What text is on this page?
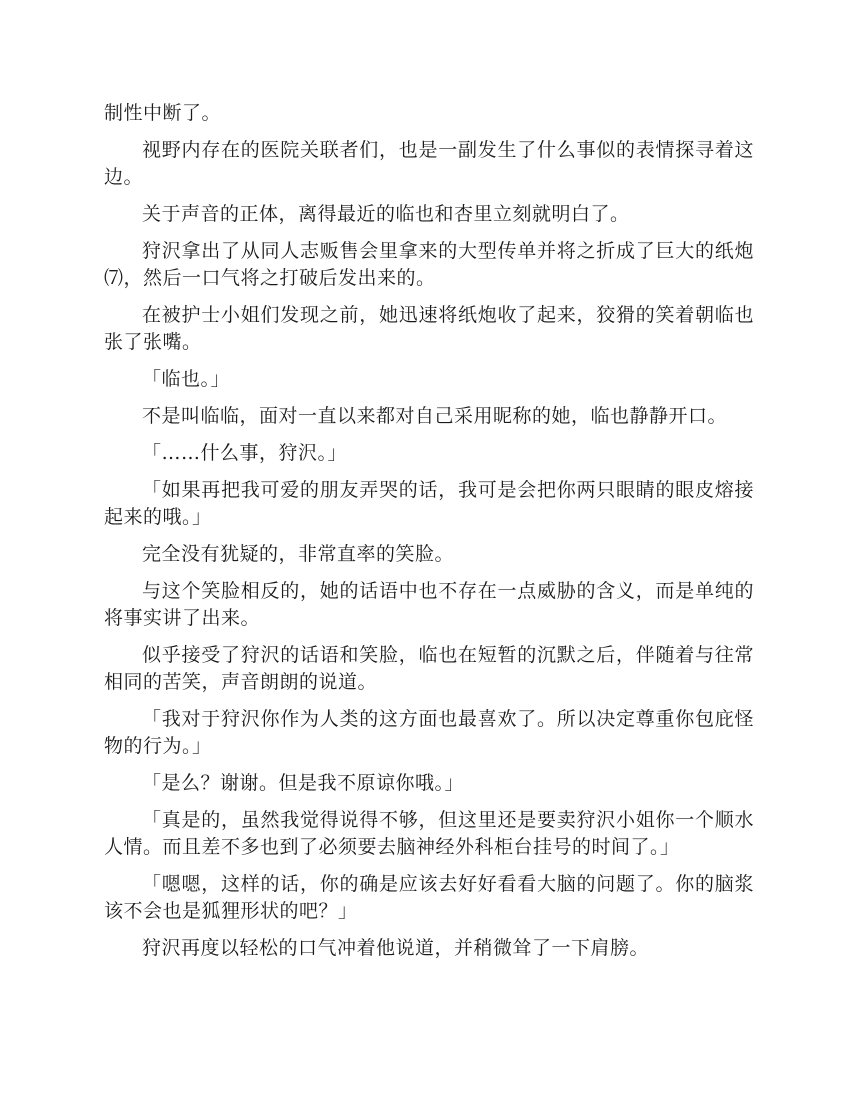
制性中断了。

视野内存在的医院关联者们，也是一副发生了什么事似的表情探寻着这边。

关于声音的正体，离得最近的临也和杏里立刻就明白了。

狩沢拿出了从同人志贩售会里拿来的大型传单并将之折成了巨大的纸炮⑺，然后一口气将之打破后发出来的。

在被护士小姐们发现之前，她迅速将纸炮收了起来，狡猾的笑着朝临也张了张嘴。

「临也。」

不是叫临临，面对一直以来都对自己采用昵称的她，临也静静开口。

「……什么事，狩沢。」

「如果再把我可爱的朋友弄哭的话，我可是会把你两只眼睛的眼皮熔接起来的哦。」

完全没有犹疑的，非常直率的笑脸。

与这个笑脸相反的，她的话语中也不存在一点威胁的含义，而是单纯的将事实讲了出来。

似乎接受了狩沢的话语和笑脸，临也在短暂的沉默之后，伴随着与往常相同的苦笑，声音朗朗的说道。

「我对于狩沢你作为人类的这方面也最喜欢了。所以决定尊重你包庇怪物的行为。」

「是么？谢谢。但是我不原谅你哦。」

「真是的，虽然我觉得说得不够，但这里还是要卖狩沢小姐你一个顺水人情。而且差不多也到了必须要去脑神经外科柜台挂号的时间了。」

「嗯嗯，这样的话，你的确是应该去好好看看大脑的问题了。你的脑浆该不会也是狐狸形状的吧？」

狩沢再度以轻松的口气冲着他说道，并稍微耸了一下肩膀。
